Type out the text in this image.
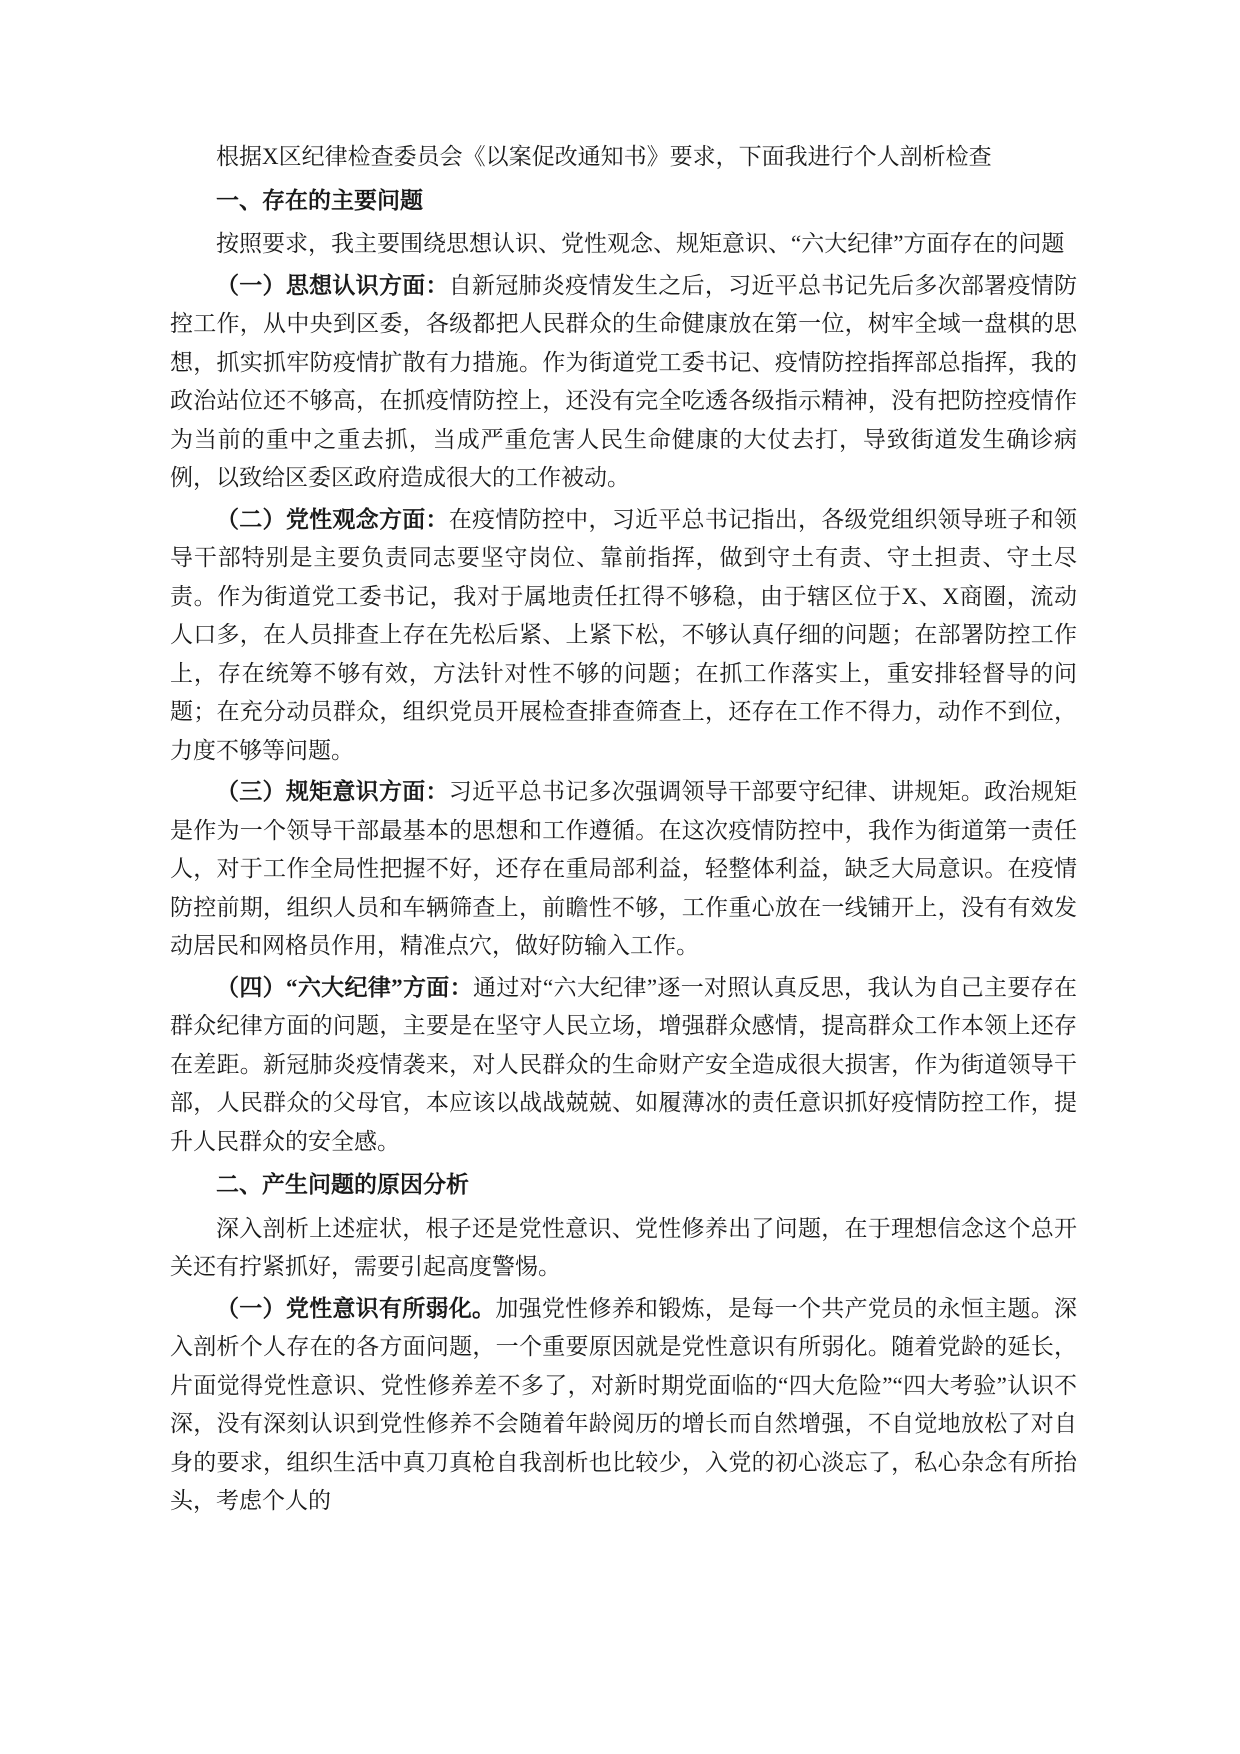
根据X区纪律检查委员会《以案促改通知书》要求，下面我进行个人剖析检查

一、存在的主要问题

按照要求，我主要围绕思想认识、党性观念、规矩意识、“六大纪律”方面存在的问题

（一）思想认识方面：自新冠肺炎疫情发生之后，习近平总书记先后多次部署疫情防控工作，从中央到区委，各级都把人民群众的生命健康放在第一位，树牢全域一盘棋的思想，抓实抓牢防疫情扩散有力措施。作为街道党工委书记、疫情防控指挥部总指挥，我的政治站位还不够高，在抓疫情防控上，还没有完全吃透各级指示精神，没有把防控疫情作为当前的重中之重去抓，当成严重危害人民生命健康的大仗去打，导致街道发生确诊病例，以致给区委区政府造成很大的工作被动。

（二）党性观念方面：在疫情防控中，习近平总书记指出，各级党组织领导班子和领导干部特别是主要负责同志要坚守岗位、靠前指挥，做到守土有责、守土担责、守土尽责。作为街道党工委书记，我对于属地责任扛得不够稳，由于辖区位于X、X商圈，流动人口多，在人员排查上存在先松后紧、上紧下松，不够认真仔细的问题；在部署防控工作上，存在统筹不够有效，方法针对性不够的问题；在抓工作落实上，重安排轻督导的问题；在充分动员群众，组织党员开展检查排查筛查上，还存在工作不得力，动作不到位，力度不够等问题。

（三）规矩意识方面：习近平总书记多次强调领导干部要守纪律、讲规矩。政治规矩是作为一个领导干部最基本的思想和工作遵循。在这次疫情防控中，我作为街道第一责任人，对于工作全局性把握不好，还存在重局部利益，轻整体利益，缺乏大局意识。在疫情防控前期，组织人员和车辆筛查上，前瞻性不够，工作重心放在一线铺开上，没有有效发动居民和网格员作用，精准点穴，做好防输入工作。

（四）“六大纪律”方面：通过对“六大纪律”逐一对照认真反思，我认为自己主要存在群众纪律方面的问题，主要是在坚守人民立场，增强群众感情，提高群众工作本领上还存在差距。新冠肺炎疫情袭来，对人民群众的生命财产安全造成很大损害，作为街道领导干部，人民群众的父母官，本应该以战战兢兢、如履薄冰的责任意识抓好疫情防控工作，提升人民群众的安全感。

二、产生问题的原因分析

深入剖析上述症状，根子还是党性意识、党性修养出了问题，在于理想信念这个总开关还有拧紧抓好，需要引起高度警惕。

（一）党性意识有所弱化。加强党性修养和锻炼，是每一个共产党员的永恒主题。深入剖析个人存在的各方面问题，一个重要原因就是党性意识有所弱化。随着党龄的延长，片面觉得党性意识、党性修养差不多了，对新时期党面临的“四大危险”“四大考验”认识不深，没有深刻认识到党性修养不会随着年龄阅历的增长而自然增强，不自觉地放松了对自身的要求，组织生活中真刀真枪自我剖析也比较少，入党的初心淡忘了，私心杂念有所抬头，考虑个人的
